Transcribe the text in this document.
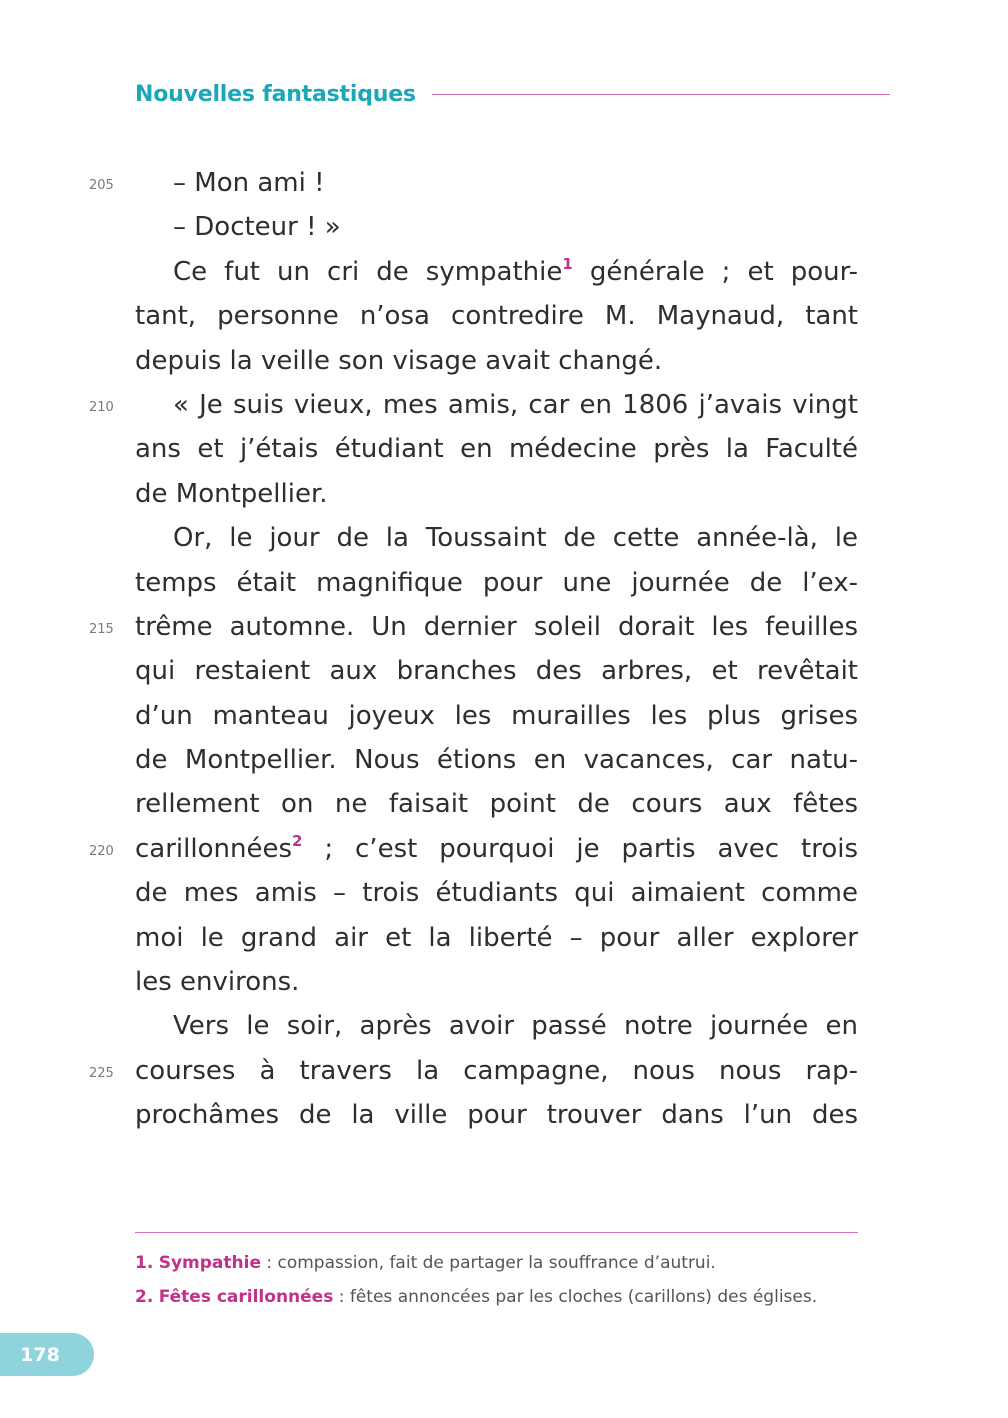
Nouvelles fantastiques
205 – Mon ami !
– Docteur ! »
Ce fut un cri de sympathie$^1$ générale ; et pour-
tant, personne n’osa contredire M. Maynaud, tant
depuis la veille son visage avait changé.
210 « Je suis vieux, mes amis, car en 1806 j’avais vingt
ans et j’étais étudiant en médecine près la Faculté
de Montpellier.
Or, le jour de la Toussaint de cette année-là, le
temps était magnifique pour une journée de l’ex-
215 trême automne. Un dernier soleil dorait les feuilles
qui restaient aux branches des arbres, et revêtait
d’un manteau joyeux les murailles les plus grises
de Montpellier. Nous étions en vacances, car natu-
rellement on ne faisait point de cours aux fêtes
220 carillonnées$^2$ ; c’est pourquoi je partis avec trois
de mes amis – trois étudiants qui aimaient comme
moi le grand air et la liberté – pour aller explorer
les environs.
Vers le soir, après avoir passé notre journée en
225 courses à travers la campagne, nous nous rap-
prochâmes de la ville pour trouver dans l’un des
1. Sympathie : compassion, fait de partager la souffrance d’autrui.
2. Fêtes carillonnées : fêtes annoncées par les cloches (carillons) des églises.
178
